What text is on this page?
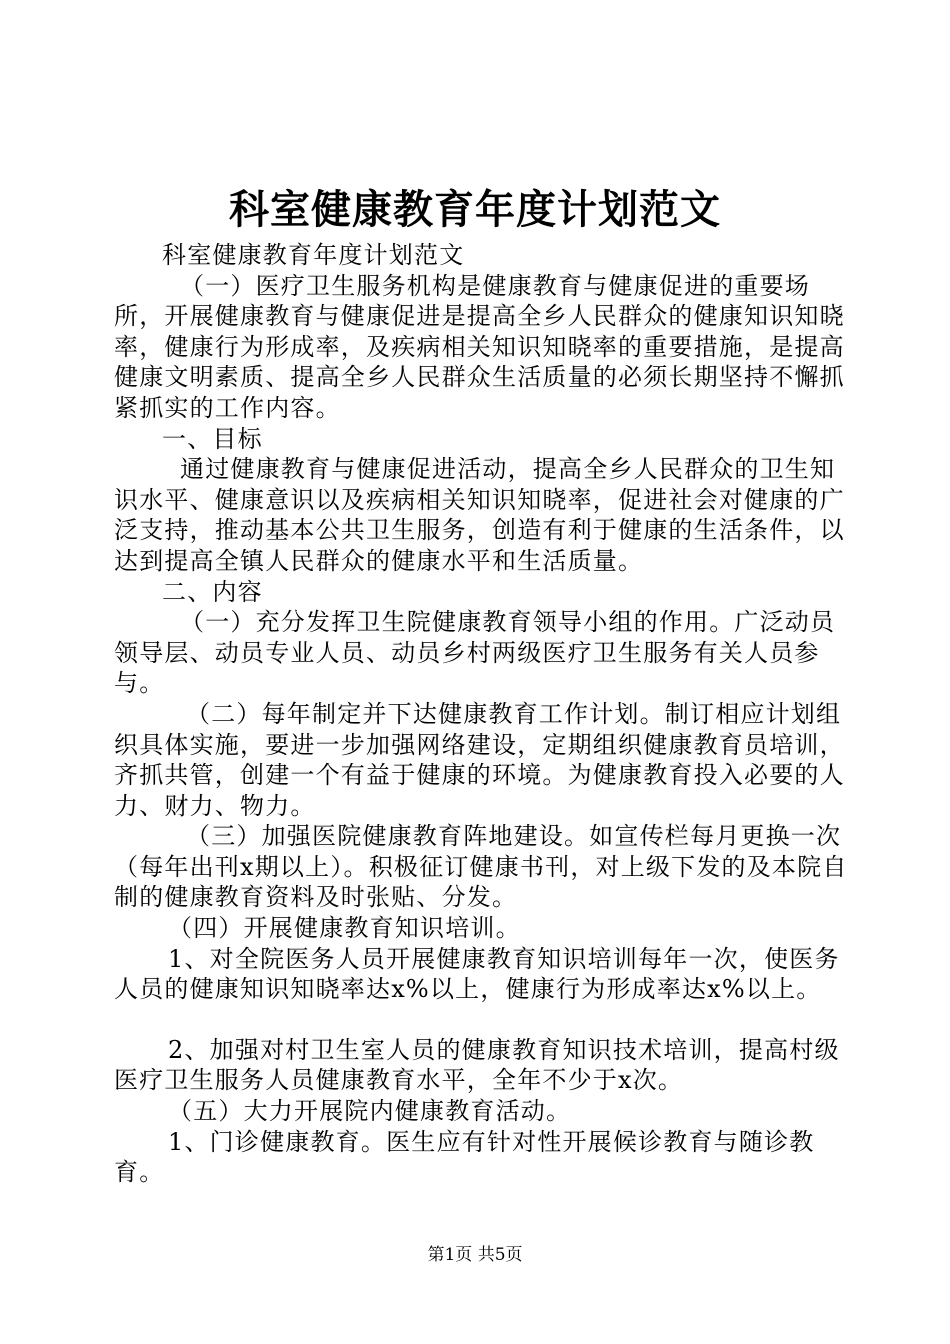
科室健康教育年度计划范文

科室健康教育年度计划范文

（一）医疗卫生服务机构是健康教育与健康促进的重要场所，开展健康教育与健康促进是提高全乡人民群众的健康知识知晓率，健康行为形成率，及疾病相关知识知晓率的重要措施，是提高健康文明素质、提高全乡人民群众生活质量的必须长期坚持不懈抓紧抓实的工作内容。

一、目标

通过健康教育与健康促进活动，提高全乡人民群众的卫生知识水平、健康意识以及疾病相关知识知晓率，促进社会对健康的广泛支持，推动基本公共卫生服务，创造有利于健康的生活条件，以达到提高全镇人民群众的健康水平和生活质量。

二、内容

（一）充分发挥卫生院健康教育领导小组的作用。广泛动员领导层、动员专业人员、动员乡村两级医疗卫生服务有关人员参与。

（二）每年制定并下达健康教育工作计划。制订相应计划组织具体实施，要进一步加强网络建设，定期组织健康教育员培训，齐抓共管，创建一个有益于健康的环境。为健康教育投入必要的人力、财力、物力。

（三）加强医院健康教育阵地建设。如宣传栏每月更换一次（每年出刊x期以上）。积极征订健康书刊，对上级下发的及本院自制的健康教育资料及时张贴、分发。

（四）开展健康教育知识培训。

1、对全院医务人员开展健康教育知识培训每年一次，使医务人员的健康知识知晓率达x%以上，健康行为形成率达x%以上。

2、加强对村卫生室人员的健康教育知识技术培训，提高村级医疗卫生服务人员健康教育水平，全年不少于x次。

（五）大力开展院内健康教育活动。

1、门诊健康教育。医生应有针对性开展候诊教育与随诊教育。

第1页 共5页
